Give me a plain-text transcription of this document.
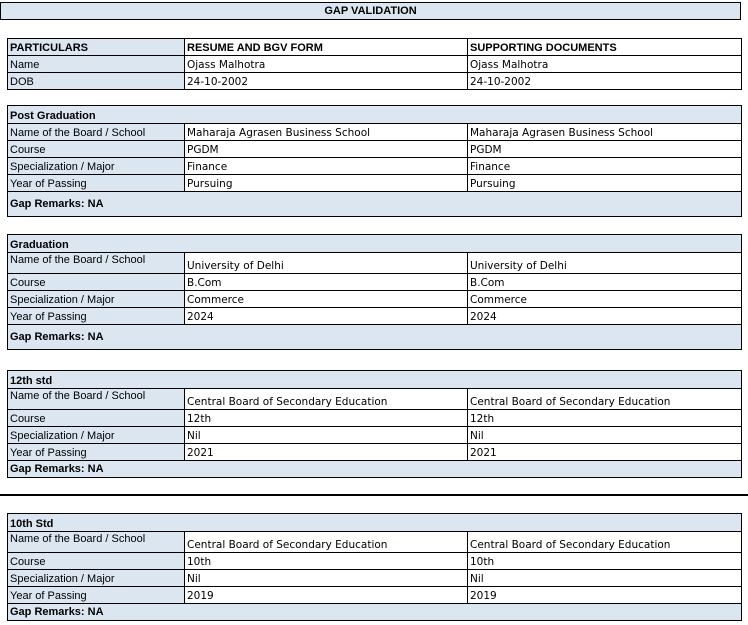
GAP VALIDATION
PARTICULARS	RESUME AND BGV FORM	SUPPORTING DOCUMENTS
Name	Ojass Malhotra	Ojass Malhotra
DOB	24-10-2002	24-10-2002
Post Graduation		
Name of the Board / School	Maharaja Agrasen Business School	Maharaja Agrasen Business School
Course	PGDM	PGDM
Specialization / Major	Finance	Finance
Year of Passing	Pursuing	Pursuing
Gap Remarks: NA		
Graduation		
Name of the Board / School	University of Delhi	University of Delhi
Course	B.Com	B.Com
Specialization / Major	Commerce	Commerce
Year of Passing	2024	2024
Gap Remarks: NA		
12th std		
Name of the Board / School	Central Board of Secondary Education	Central Board of Secondary Education
Course	12th	12th
Specialization / Major	Nil	Nil
Year of Passing	2021	2021
Gap Remarks: NA		
10th Std		
Name of the Board / School	Central Board of Secondary Education	Central Board of Secondary Education
Course	10th	10th
Specialization / Major	Nil	Nil
Year of Passing	2019	2019
Gap Remarks: NA		
